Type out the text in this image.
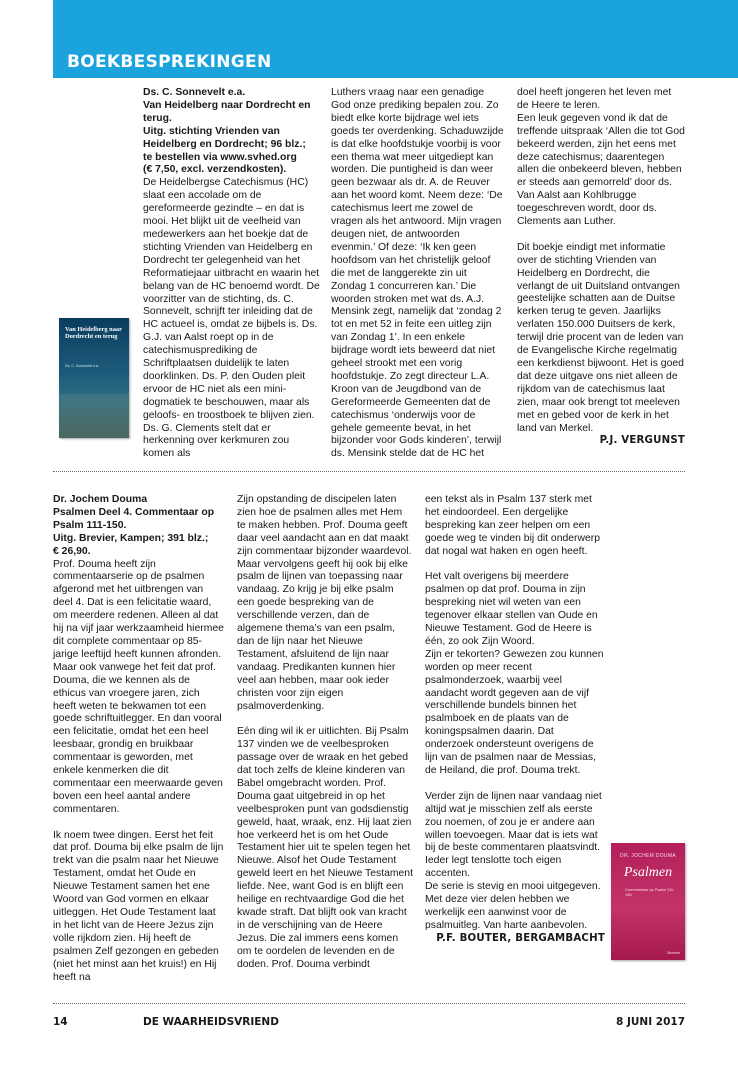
BOEKBESPREKINGEN

Ds. C. Sonnevelt e.a.
Van Heidelberg naar Dordrecht en terug.
Uitg. stichting Vrienden van Heidelberg en Dordrecht; 96 blz.;
te bestellen via www.svhed.org
(€ 7,50, excl. verzendkosten).

De Heidelbergse Catechismus (HC) slaat een accolade om de gereformeerde gezindte – en dat is mooi. Het blijkt uit de veelheid van medewerkers aan het boekje dat de stichting Vrienden van Heidelberg en Dordrecht ter gelegenheid van het Reformatiejaar uitbracht en waarin het belang van de HC benoemd wordt. De voorzitter van de stichting, ds. C. Sonnevelt, schrijft ter inleiding dat de HC actueel is, omdat ze bijbels is. Ds. G.J. van Aalst roept op in de catechismusprediking de Schriftplaatsen duidelijk te laten doorklinken. Ds. P. den Ouden pleit ervoor de HC niet als een mini-dogmatiek te beschouwen, maar als geloofs- en troostboek te blijven zien. Ds. G. Clements stelt dat er herkenning over kerkmuren zou komen als

Van Heidelberg naar Dordrecht en terug
Ds. C. Sonnevelt e.a.

Luthers vraag naar een genadige God onze prediking bepalen zou. Zo biedt elke korte bijdrage wel iets goeds ter overdenking. Schaduwzijde is dat elke hoofdstukje voorbij is voor een thema wat meer uitgediept kan worden. Die puntigheid is dan weer geen bezwaar als dr. A. de Reuver aan het woord komt. Neem deze: ‘De catechismus leert me zowel de vragen als het antwoord. Mijn vragen deugen niet, de antwoorden evenmin.’ Of deze: ‘Ik ken geen hoofdsom van het christelijk geloof die met de langgerekte zin uit Zondag 1 concurreren kan.’ Die woorden stroken met wat ds. A.J. Mensink zegt, namelijk dat ‘zondag 2 tot en met 52 in feite een uitleg zijn van Zondag 1’. In een enkele bijdrage wordt iets beweerd dat niet geheel strookt met een vorig hoofdstukje. Zo zegt directeur L.A. Kroon van de Jeugdbond van de Gereformeerde Gemeenten dat de catechismus ‘onderwijs voor de gehele gemeente bevat, in het bijzonder voor Gods kinderen’, terwijl ds. Mensink stelde dat de HC het

doel heeft jongeren het leven met de Heere te leren.

Een leuk gegeven vond ik dat de treffende uitspraak ‘Allen die tot God bekeerd werden, zijn het eens met deze catechismus; daarentegen allen die onbekeerd bleven, hebben er steeds aan gemorreld’ door ds. Van Aalst aan Kohlbrugge toegeschreven wordt, door ds. Clements aan Luther.

Dit boekje eindigt met informatie over de stichting Vrienden van Heidelberg en Dordrecht, die verlangt de uit Duitsland ontvangen geestelijke schatten aan de Duitse kerken terug te geven. Jaarlijks verlaten 150.000 Duitsers de kerk, terwijl drie procent van de leden van de Evangelische Kirche regelmatig een kerkdienst bijwoont. Het is goed dat deze uitgave ons niet alleen de rijkdom van de catechismus laat zien, maar ook brengt tot meeleven met en gebed voor de kerk in het land van Merkel.

P.J. VERGUNST

Dr. Jochem Douma
Psalmen Deel 4. Commentaar op Psalm 111-150.
Uitg. Brevier, Kampen; 391 blz.;
€ 26,90.

Prof. Douma heeft zijn commentaarserie op de psalmen afgerond met het uitbrengen van deel 4. Dat is een felicitatie waard, om meerdere redenen. Alleen al dat hij na vijf jaar werkzaamheid hiermee dit complete commentaar op 85-jarige leeftijd heeft kunnen afronden. Maar ook vanwege het feit dat prof. Douma, die we kennen als de ethicus van vroegere jaren, zich heeft weten te bekwamen tot een goede schriftuitlegger. En dan vooral een felicitatie, omdat het een heel leesbaar, grondig en bruikbaar commentaar is geworden, met enkele kenmerken die dit commentaar een meerwaarde geven boven een heel aantal andere commentaren.

Ik noem twee dingen. Eerst het feit dat prof. Douma bij elke psalm de lijn trekt van die psalm naar het Nieuwe Testament, omdat het Oude en Nieuwe Testament samen het ene Woord van God vormen en elkaar uitleggen. Het Oude Testament laat in het licht van de Heere Jezus zijn volle rijkdom zien. Hij heeft de psalmen Zelf gezongen en gebeden (niet het minst aan het kruis!) en Hij heeft na

Zijn opstanding de discipelen laten zien hoe de psalmen alles met Hem te maken hebben. Prof. Douma geeft daar veel aandacht aan en dat maakt zijn commentaar bijzonder waardevol. Maar vervolgens geeft hij ook bij elke psalm de lijnen van toepassing naar vandaag. Zo krijg je bij elke psalm een goede bespreking van de verschillende verzen, dan de algemene thema’s van een psalm, dan de lijn naar het Nieuwe Testament, afsluitend de lijn naar vandaag. Predikanten kunnen hier veel aan hebben, maar ook ieder christen voor zijn eigen psalmoverdenking.

Eén ding wil ik er uitlichten. Bij Psalm 137 vinden we de veelbesproken passage over de wraak en het gebed dat toch zelfs de kleine kinderen van Babel omgebracht worden. Prof. Douma gaat uitgebreid in op het veelbesproken punt van godsdienstig geweld, haat, wraak, enz. Hij laat zien hoe verkeerd het is om het Oude Testament hier uit te spelen tegen het Nieuwe. Alsof het Oude Testament geweld leert en het Nieuwe Testament liefde. Nee, want God is en blijft een heilige en rechtvaardige God die het kwade straft. Dat blijft ook van kracht in de verschijning van de Heere Jezus. Die zal immers eens komen om te oordelen de levenden en de doden. Prof. Douma verbindt

een tekst als in Psalm 137 sterk met het eindoordeel. Een dergelijke bespreking kan zeer helpen om een goede weg te vinden bij dit onderwerp dat nogal wat haken en ogen heeft.

Het valt overigens bij meerdere psalmen op dat prof. Douma in zijn bespreking niet wil weten van een tegenover elkaar stellen van Oude en Nieuwe Testament. God de Heere is één, zo ook Zijn Woord.

Zijn er tekorten? Gewezen zou kunnen worden op meer recent psalmonderzoek, waarbij veel aandacht wordt gegeven aan de vijf verschillende bundels binnen het psalmboek en de plaats van de koningspsalmen daarin. Dat onderzoek ondersteunt overigens de lijn van de psalmen naar de Messias, de Heiland, die prof. Douma trekt.

Verder zijn de lijnen naar vandaag niet altijd wat je misschien zelf als eerste zou noemen, of zou je er andere aan willen toevoegen. Maar dat is iets wat bij de beste commentaren plaatsvindt. Ieder legt tenslotte toch eigen accenten.

De serie is stevig en mooi uitgegeven. Met deze vier delen hebben we werkelijk een aanwinst voor de psalmuitleg. Van harte aanbevolen.

P.F. BOUTER, BERGAMBACHT
DR. JOCHEM DOUMA
Psalmen
Commentaar op Psalm 111-150
Brevier
14	DE WAARHEIDSVRIEND	8 JUNI 2017
